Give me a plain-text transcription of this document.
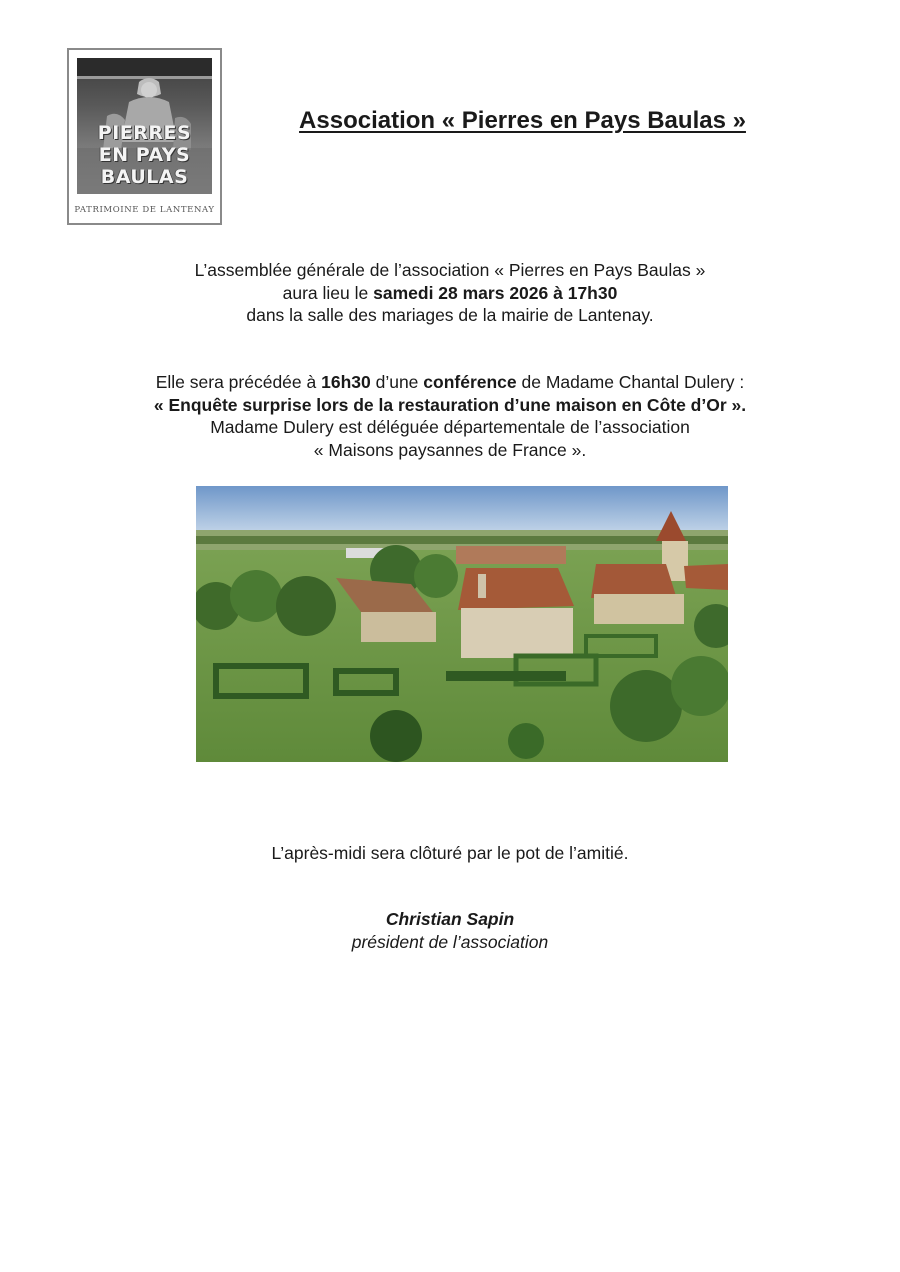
PIERRES
EN PAYS
BAULAS
PATRIMOINE DE LANTENAY
Association « Pierres en Pays Baulas »

L’assemblée générale de l’association « Pierres en Pays Baulas »

aura lieu le samedi 28 mars 2026 à 17h30

dans la salle des mariages de la mairie de Lantenay.

Elle sera précédée à 16h30 d’une conférence de Madame Chantal Dulery :

« Enquête surprise lors de la restauration d’une maison en Côte d’Or ».

Madame Dulery est déléguée départementale de l’association

« Maisons paysannes de France ».

L’après-midi sera clôturé par le pot de l’amitié.

Christian Sapin

président de l’association
